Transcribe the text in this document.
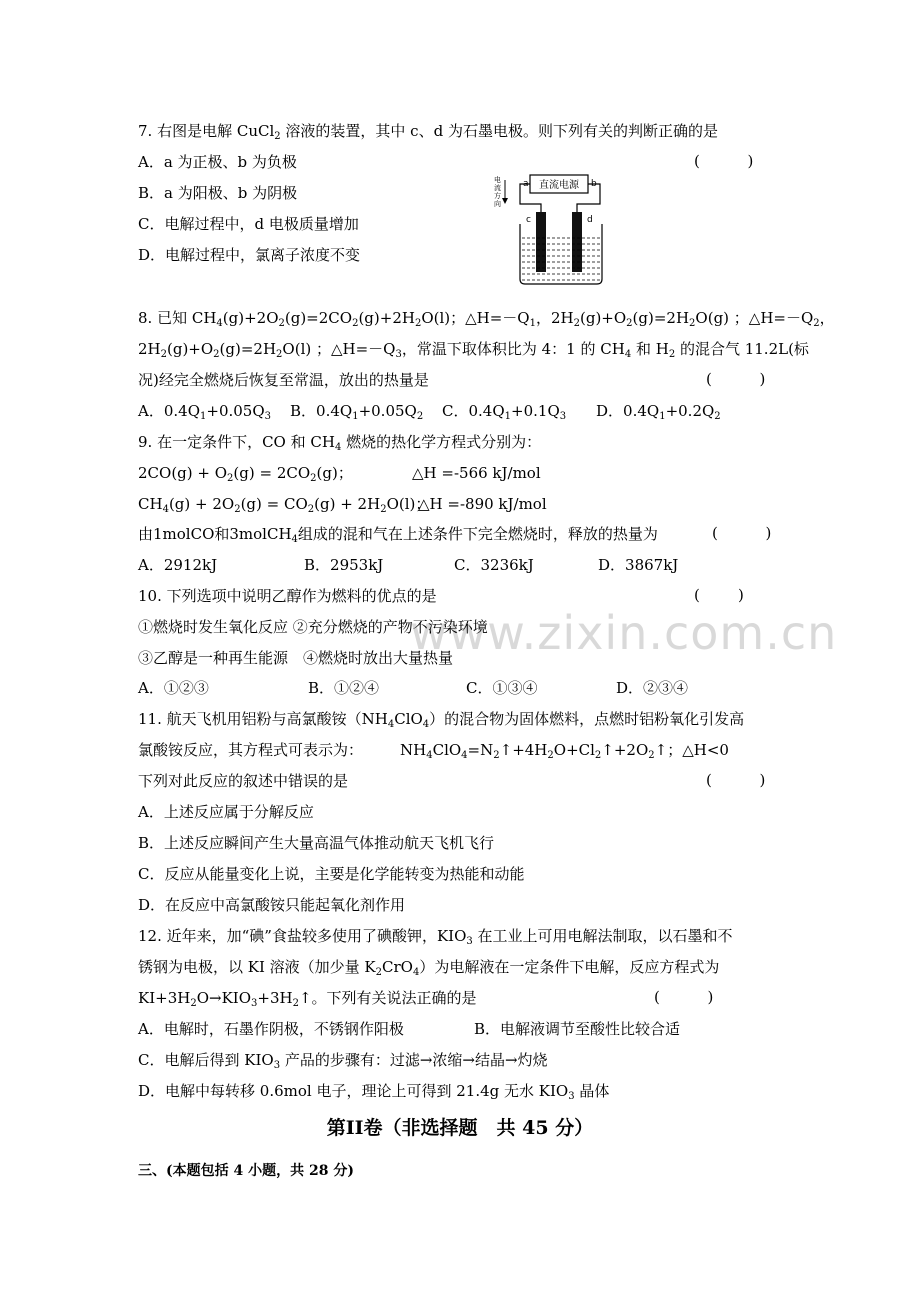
www.zixin.com.cn
7. 右图是电解 CuCl$_2$ 溶液的装置，其中 c、d 为石墨电极。则下列有关的判断正确的是
A．a 为正极、b 为负极	(          )
B．a 为阳极、b 为阴极
C．电解过程中，d 电极质量增加
D．电解过程中，氯离子浓度不变
直流电源
a	b
电 流 方 向
c	d
8. 已知 $CH_4(g)+2O_2(g)=2CO_2(g)+2H_2O(l)$；$\triangle H=-Q_1$，$2H_2(g)+O_2(g)=2H_2O(g)$ ；$\triangle H=-Q_2$，
$2H_2(g)+O_2(g)=2H_2O(l)$ ；$\triangle H=-Q_3$，常温下取体积比为 4：1 的 $CH_4$ 和 $H_2$ 的混合气 11.2L(标
况)经完全燃烧后恢复至常温，放出的热量是	(          )
A．$0.4Q_1+0.05Q_3$ B．$0.4Q_1+0.05Q_2$ C．$0.4Q_1+0.1Q_3$ D．$0.4Q_1+0.2Q_2$
9. 在一定条件下，CO 和 $CH_4$ 燃烧的热化学方程式分别为：
$2CO(g) + O_2(g) = 2CO_2(g)$；	△H =-566 kJ/mol
$CH_4(g) + 2O_2(g) = CO_2(g) + 2H_2O(l)$；
△H =-890 kJ/mol
由1molCO和3molCH$_4$组成的混和气在上述条件下完全燃烧时，释放的热量为	(          )
A．2912kJ	B．2953kJ	C．3236kJ	D．3867kJ
10. 下列选项中说明乙醇作为燃料的优点的是	(        )
①燃烧时发生氧化反应 ②充分燃烧的产物不污染环境
③乙醇是一种再生能源　④燃烧时放出大量热量
A．①②③	B．①②④	C．①③④	D．②③④
11. 航天飞机用铝粉与高氯酸铵$(NH_4ClO_4)$的混合物为固体燃料，点燃时铝粉氧化引发高
氯酸铵反应，其方程式可表示为： $NH_4ClO_4=N_2↑+4H_2O+Cl_2↑+2O_2↑$；△H<0
下列对此反应的叙述中错误的是	(          )
A．上述反应属于分解反应
B．上述反应瞬间产生大量高温气体推动航天飞机飞行
C．反应从能量变化上说，主要是化学能转变为热能和动能
D．在反应中高氯酸铵只能起氧化剂作用
12. 近年来，加“碘”食盐较多使用了碘酸钾，$KIO_3$ 在工业上可用电解法制取，以石墨和不
锈钢为电极，以 KI 溶液（加少量 $K_2CrO_4$）为电解液在一定条件下电解，反应方程式为
$KI+3H_2O\to KIO_3+3H_2↑$。下列有关说法正确的是	(          )
A．电解时，石墨作阴极，不锈钢作阳极	B．电解液调节至酸性比较合适
C．电解后得到 $KIO_3$ 产品的步骤有：过滤→浓缩→结晶→灼烧
D．电解中每转移 0.6mol 电子，理论上可得到 21.4g 无水 $KIO_3$ 晶体
第II卷（非选择题　共 45 分）
三、(本题包括 4 小题，共 28 分)
